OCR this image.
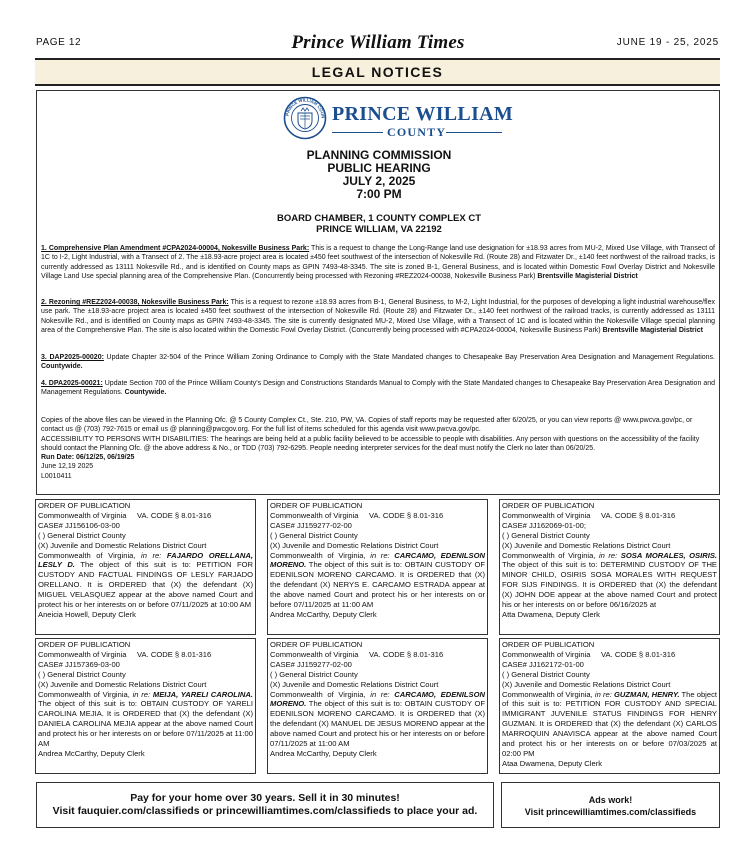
PAGE 12	Prince William Times	JUNE 19 - 25, 2025
LEGAL NOTICES
PRINCE WILLIAM COUN PRINCE WILLIAM
COUNTY
PLANNING COMMISSION
PUBLIC HEARING
JULY 2, 2025
7:00 PM
BOARD CHAMBER, 1 COUNTY COMPLEX CT
PRINCE WILLIAM, VA 22192
1. Comprehensive Plan Amendment #CPA2024-00004, Nokesville Business Park: This is a request to change the Long-Range land use designation for ±18.93 acres from MU-2, Mixed Use Village, with Transect of 1C to I-2, Light Industrial, with a Transect of 2. The ±18.93-acre project area is located ±450 feet southwest of the intersection of Nokesville Rd. (Route 28) and Fitzwater Dr., ±140 feet northwest of the railroad tracks, is currently addressed as 13111 Nokesville Rd., and is identified on County maps as GPIN 7493-48-3345. The site is zoned B-1, General Business, and is located within Domestic Fowl Overlay District and Nokesville Village Land Use special planning area of the Comprehensive Plan. (Concurrently being processed with Rezoning #REZ2024-00038, Nokesville Business Park) Brentsville Magisterial District
2. Rezoning #REZ2024-00038, Nokesville Business Park: This is a request to rezone ±18.93 acres from B-1, General Business, to M-2, Light Industrial, for the purposes of developing a light industrial warehouse/flex use park. The ±18.93-acre project area is located ±450 feet southwest of the intersection of Nokesville Rd. (Route 28) and Fitzwater Dr., ±140 feet northwest of the railroad tracks, is currently addressed as 13111 Nokesville Rd., and is identified on County maps as GPIN 7493-48-3345. The site is currently designated MU-2, Mixed Use Village, with a Transect of 1C and is located within the Nokesville Village special planning area of the Comprehensive Plan. The site is also located within the Domestic Fowl Overlay District. (Concurrently being processed with #CPA2024-00004, Nokesville Business Park) Brentsville Magisterial District
3. DAP2025-00020: Update Chapter 32-504 of the Prince William Zoning Ordinance to Comply with the State Mandated changes to Chesapeake Bay Preservation Area Designation and Management Regulations. Countywide.
4. DPA2025-00021: Update Section 700 of the Prince William County's Design and Constructions Standards Manual to Comply with the State Mandated changes to Chesapeake Bay Preservation Area Designation and Management Regulations. Countywide.
Copies of the above files can be viewed in the Planning Ofc. @ 5 County Complex Ct., Ste. 210, PW, VA. Copies of staff reports may be requested after 6/20/25, or you can view reports @ www.pwcva.gov/pc, or contact us @ (703) 792-7615 or email us @ planning@pwcgov.org. For the full list of items scheduled for this agenda visit www.pwcva.gov/pc.
ACCESSIBILITY TO PERSONS WITH DISABILITIES: The hearings are being held at a public facility believed to be accessible to people with disabilities. Any person with questions on the accessibility of the facility should contact the Planning Ofc. @ the above address & No., or TDD (703) 792-6295. People needing interpreter services for the deaf must notify the Clerk no later than 06/20/25.
Run Date: 06/12/25, 06/19/25
June 12,19 2025
L0010411
ORDER OF PUBLICATION
Commonwealth of Virginia     VA. CODE § 8.01-316
CASE# JJ156106-03-00
( ) General District County
(X) Juvenile and Domestic Relations District Court
Commonwealth of Virginia, in re: FAJARDO ORELLANA, LESLY D. The object of this suit is to: PETITION FOR CUSTODY AND FACTUAL FINDINGS OF LESLY FARJADO ORELLANO. It is ORDERED that (X) the defendant (X) MIGUEL VELASQUEZ appear at the above named Court and protect his or her interests on or before 07/11/2025 at 10:00 AM
Aneicia Howell, Deputy Clerk
ORDER OF PUBLICATION
Commonwealth of Virginia     VA. CODE § 8.01-316
CASE# JJ159277-02-00
( ) General District County
(X) Juvenile and Domestic Relations District Court
Commonwealth of Virginia, in re: CARCAMO, EDENILSON MORENO. The object of this suit is to: OBTAIN CUSTODY OF EDENILSON MORENO CARCAMO. It is ORDERED that (X) the defendant (X) NERYS E. CARCAMO ESTRADA appear at the above named Court and protect his or her interests on or before 07/11/2025 at 11:00 AM
Andrea McCarthy, Deputy Clerk
ORDER OF PUBLICATION
Commonwealth of Virginia     VA. CODE § 8.01-316
CASE# JJ162069-01-00;
( ) General District County
(X) Juvenile and Domestic Relations District Court
Commonwealth of Virginia, in re: SOSA MORALES, OSIRIS. The object of this suit is to: DETERMIND CUSTODY OF THE MINOR CHILD, OSIRIS SOSA MORALES WITH REQUEST FOR SIJS FINDINGS. It is ORDERED that (X) the defendant (X) JOHN DOE appear at the above named Court and protect his or her interests on or before 06/16/2025 at
Atta Dwamena, Deputy Clerk
ORDER OF PUBLICATION
Commonwealth of Virginia     VA. CODE § 8.01-316
CASE# JJ157369-03-00
( ) General District County
(X) Juvenile and Domestic Relations District Court
Commonwealth of Virginia, in re: MEIJA, YARELI CAROLINA. The object of this suit is to: OBTAIN CUSTODY OF YARELI CAROLINA MEJIA. It is ORDERED that (X) the defendant (X) DANIELA CAROLINA MEJIA appear at the above named Court and protect his or her interests on or before 07/11/2025 at 11:00 AM
Andrea McCarthy, Deputy Clerk
ORDER OF PUBLICATION
Commonwealth of Virginia     VA. CODE § 8.01-316
CASE# JJ159277-02-00
( ) General District County
(X) Juvenile and Domestic Relations District Court
Commonwealth of Virginia, in re: CARCAMO, EDENILSON MORENO. The object of this suit is to: OBTAIN CUSTODY OF EDENILSON MORENO CARCAMO. It is ORDERED that (X) the defendant (X) MANUEL DE JESUS MORENO appear at the above named Court and protect his or her interests on or before 07/11/2025 at 11:00 AM
Andrea McCarthy, Deputy Clerk
ORDER OF PUBLICATION
Commonwealth of Virginia     VA. CODE § 8.01-316
CASE# JJ162172-01-00
( ) General District County
(X) Juvenile and Domestic Relations District Court
Commonwealth of Virginia, in re: GUZMAN, HENRY. The object of this suit is to: PETITION FOR CUSTODY AND SPECIAL IMMIGRANT JUVENILE STATUS FINDINGS FOR HENRY GUZMAN. It is ORDERED that (X) the defendant (X) CARLOS MARROQUIN ANAVISCA appear at the above named Court and protect his or her interests on or before 07/03/2025 at 02:00 PM
Ataa Dwamena, Deputy Clerk
Pay for your home over 30 years. Sell it in 30 minutes!
Visit fauquier.com/classifieds or princewilliamtimes.com/classifieds to place your ad.
Ads work!
Visit princewilliamtimes.com/classifieds
